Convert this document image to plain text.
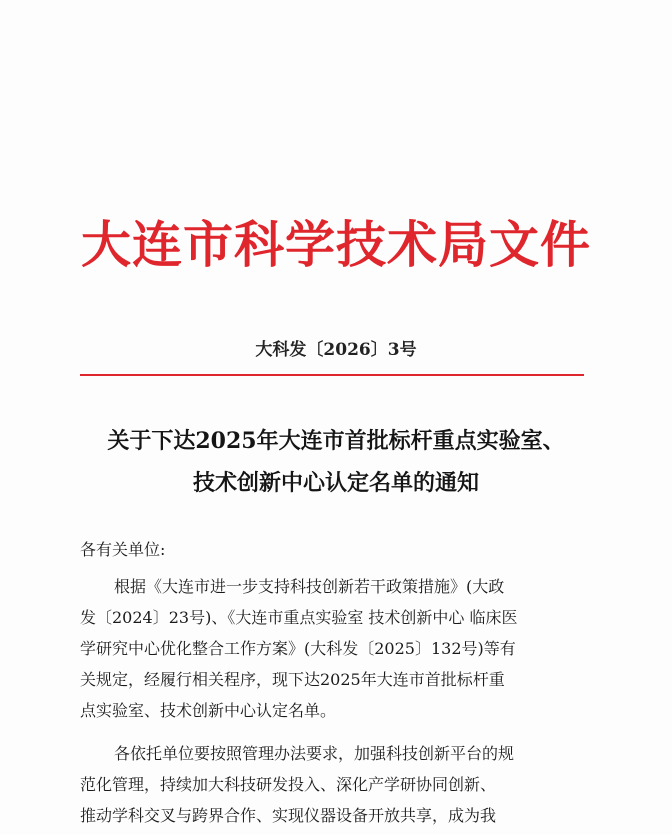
大连市科学技术局文件
大科发〔2026〕3号
关于下达2025年大连市首批标杆重点实验室、
技术创新中心认定名单的通知
各有关单位:
根据《大连市进一步支持科技创新若干政策措施》(大政
发〔2024〕23号)、《大连市重点实验室 技术创新中心 临床医
学研究中心优化整合工作方案》(大科发〔2025〕132号)等有
关规定，经履行相关程序，现下达2025年大连市首批标杆重
点实验室、技术创新中心认定名单。
各依托单位要按照管理办法要求，加强科技创新平台的规
范化管理，持续加大科技研发投入、深化产学研协同创新、
推动学科交叉与跨界合作、实现仪器设备开放共享，成为我
